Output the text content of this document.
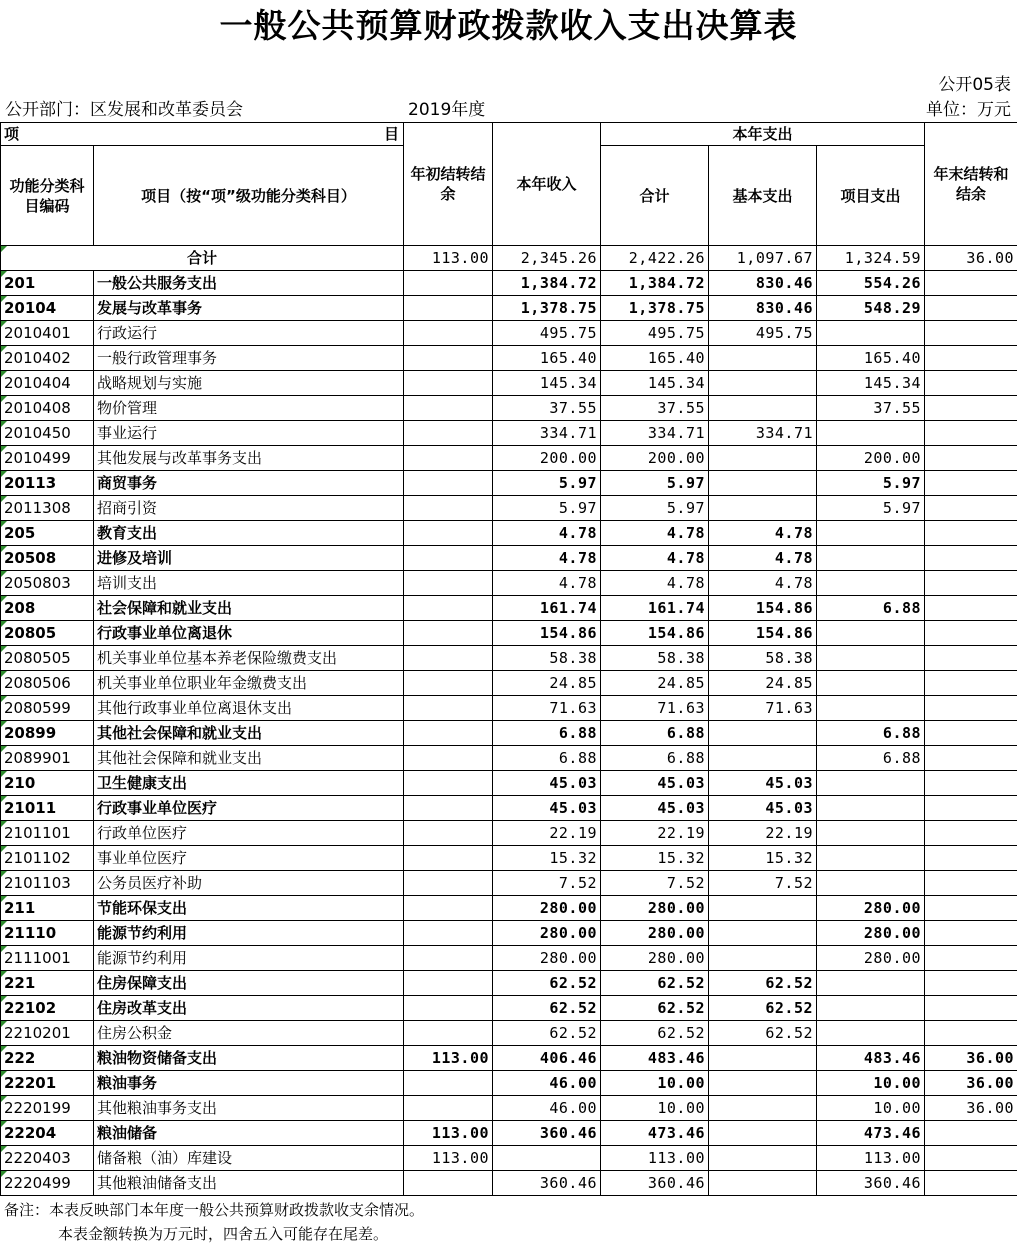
一般公共预算财政拨款收入支出决算表
公开05表
公开部门：区发展和改革委员会	2019年度	单位：万元
项 目		年初结转结余	本年收入	本年支出			年末结转和结余
功能分类科目编码	项目（按“项”级功能分类科目）			合计	基本支出	项目支出	
合计		113.00	2,345.26	2,422.26	1,097.67	1,324.59	36.00
201	一般公共服务支出		1,384.72	1,384.72	830.46	554.26	
20104	发展与改革事务		1,378.75	1,378.75	830.46	548.29	
2010401	行政运行		495.75	495.75	495.75		
2010402	一般行政管理事务		165.40	165.40		165.40	
2010404	战略规划与实施		145.34	145.34		145.34	
2010408	物价管理		37.55	37.55		37.55	
2010450	事业运行		334.71	334.71	334.71		
2010499	其他发展与改革事务支出		200.00	200.00		200.00	
20113	商贸事务		5.97	5.97		5.97	
2011308	招商引资		5.97	5.97		5.97	
205	教育支出		4.78	4.78	4.78		
20508	进修及培训		4.78	4.78	4.78		
2050803	培训支出		4.78	4.78	4.78		
208	社会保障和就业支出		161.74	161.74	154.86	6.88	
20805	行政事业单位离退休		154.86	154.86	154.86		
2080505	机关事业单位基本养老保险缴费支出		58.38	58.38	58.38		
2080506	机关事业单位职业年金缴费支出		24.85	24.85	24.85		
2080599	其他行政事业单位离退休支出		71.63	71.63	71.63		
20899	其他社会保障和就业支出		6.88	6.88		6.88	
2089901	其他社会保障和就业支出		6.88	6.88		6.88	
210	卫生健康支出		45.03	45.03	45.03		
21011	行政事业单位医疗		45.03	45.03	45.03		
2101101	行政单位医疗		22.19	22.19	22.19		
2101102	事业单位医疗		15.32	15.32	15.32		
2101103	公务员医疗补助		7.52	7.52	7.52		
211	节能环保支出		280.00	280.00		280.00	
21110	能源节约利用		280.00	280.00		280.00	
2111001	能源节约利用		280.00	280.00		280.00	
221	住房保障支出		62.52	62.52	62.52		
22102	住房改革支出		62.52	62.52	62.52		
2210201	住房公积金		62.52	62.52	62.52		
222	粮油物资储备支出	113.00	406.46	483.46		483.46	36.00
22201	粮油事务		46.00	10.00		10.00	36.00
2220199	其他粮油事务支出		46.00	10.00		10.00	36.00
22204	粮油储备	113.00	360.46	473.46		473.46	
2220403	储备粮（油）库建设	113.00		113.00		113.00	
2220499	其他粮油储备支出		360.46	360.46		360.46	
备注：本表反映部门本年度一般公共预算财政拨款收支余情况。
本表金额转换为万元时，四舍五入可能存在尾差。
